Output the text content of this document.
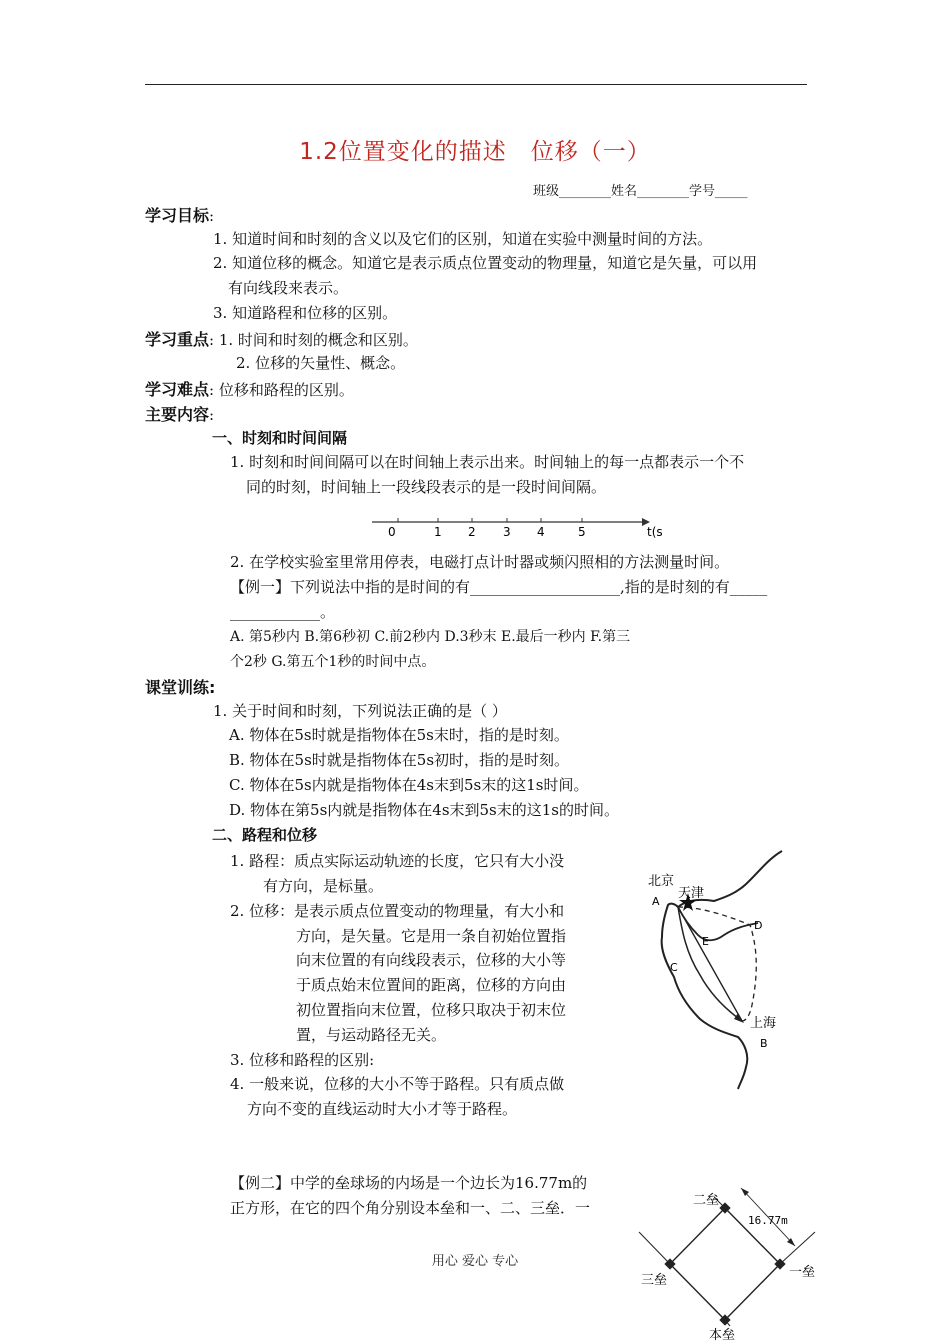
1.2位置变化的描述　位移（一）
班级________姓名________学号_____
学习目标:
1. 知道时间和时刻的含义以及它们的区别，知道在实验中测量时间的方法。
2. 知道位移的概念。知道它是表示质点位置变动的物理量，知道它是矢量，可以用
有向线段来表示。
3. 知道路程和位移的区别。
学习重点: 1. 时间和时刻的概念和区别。
2. 位移的矢量性、概念。
学习难点: 位移和路程的区别。
主要内容:
一、时刻和时间间隔
1. 时刻和时间间隔可以在时间轴上表示出来。时间轴上的每一点都表示一个不
同的时刻，时间轴上一段线段表示的是一段时间间隔。
0	1 2 3 4	5	t(s
2. 在学校实验室里常用停表，电磁打点计时器或频闪照相的方法测量时间。
【例一】下列说法中指的是时间的有____________________,指的是时刻的有_____
____________。
A. 第5秒内 B.第6秒初 C.前2秒内 D.3秒末 E.最后一秒内 F.第三
个2秒 G.第五个1秒的时间中点。
课堂训练:
1. 关于时间和时刻，下列说法正确的是（ ）
A. 物体在5s时就是指物体在5s末时，指的是时刻。
B. 物体在5s时就是指物体在5s初时，指的是时刻。
C. 物体在5s内就是指物体在4s末到5s末的这1s时间。
D. 物体在第5s内就是指物体在4s末到5s末的这1s的时间。
二、路程和位移
1. 路程：质点实际运动轨迹的长度，它只有大小没
有方向，是标量。
2. 位移：是表示质点位置变动的物理量，有大小和
方向，是矢量。它是用一条自初始位置指
向末位置的有向线段表示，位移的大小等
于质点始末位置间的距离，位移的方向由
初位置指向末位置，位移只取决于初末位
置，与运动路径无关。
3. 位移和路程的区别:
4. 一般来说，位移的大小不等于路程。只有质点做
方向不变的直线运动时大小才等于路程。
北京
天津
上海
A
B
C
D
E
【例二】中学的垒球场的内场是一个边长为16.77m的
正方形，在它的四个角分别设本垒和一、二、三垒．一	二垒
一垒
三垒
本垒
16.77m
用心 爱心 专心
